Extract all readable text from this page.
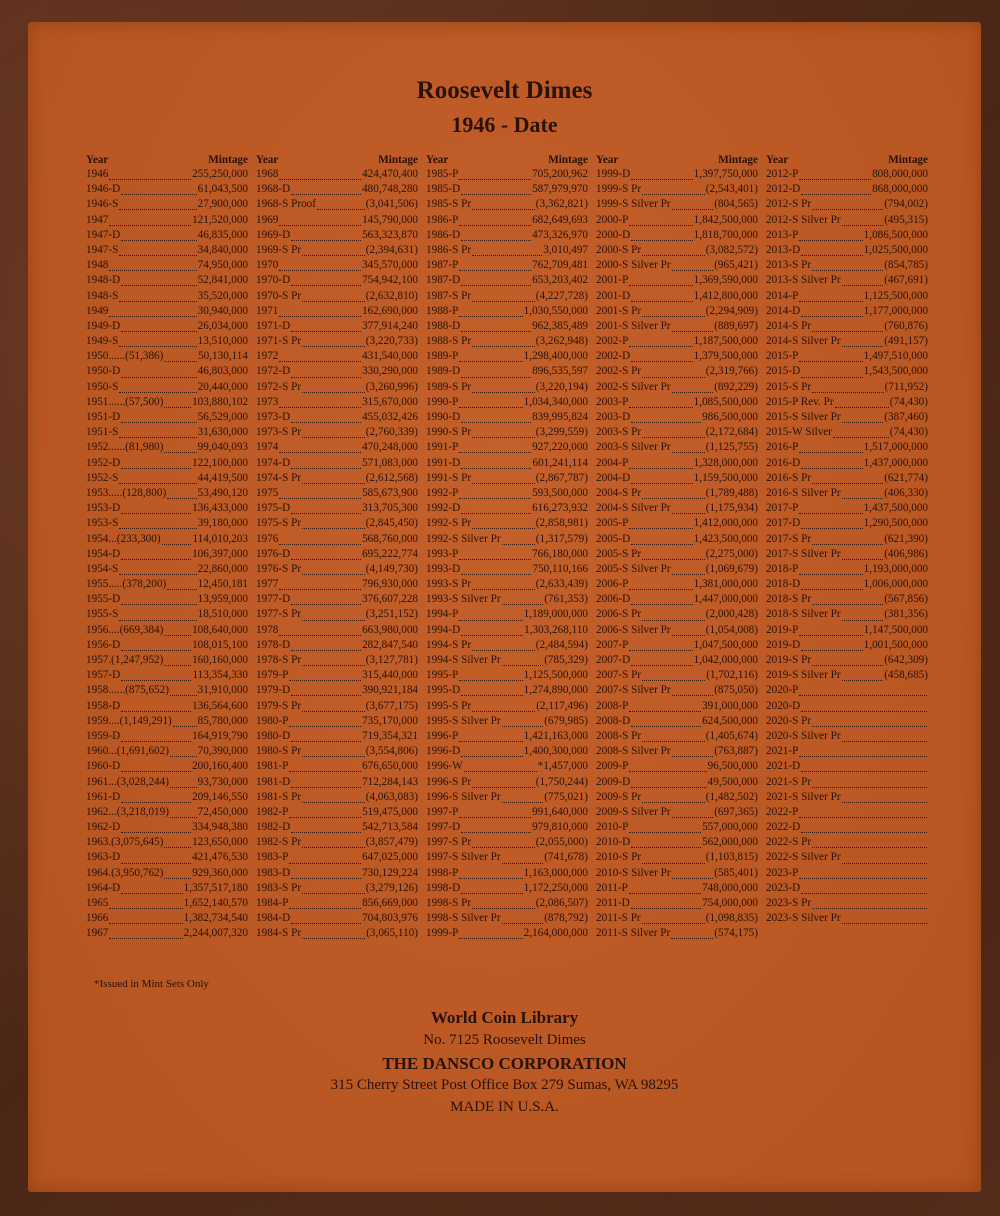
Roosevelt Dimes
1946 - Date
Year	Mintage
1946	255,250,000
1946-D	61,043,500
1946-S	27,900,000
1947	121,520,000
1947-D	46,835,000
1947-S	34,840,000
1948	74,950,000
1948-D	52,841,000
1948-S	35,520,000
1949	30,940,000
1949-D	26,034,000
1949-S	13,510,000
1950......(51,386)	50,130,114
1950-D	46,803,000
1950-S	20,440,000
1951......(57,500)	103,880,102
1951-D	56,529,000
1951-S	31,630,000
1952......(81,980)	99,040,093
1952-D	122,100,000
1952-S	44,419,500
1953.....(128,800)	53,490,120
1953-D	136,433,000
1953-S	39,180,000
1954...(233,300)	114,010,203
1954-D	106,397,000
1954-S	22,860,000
1955.....(378,200)	12,450,181
1955-D	13,959,000
1955-S	18,510,000
1956....(669,384)	108,640,000
1956-D	108,015,100
1957.(1,247,952)	160,160,000
1957-D	113,354,330
1958......(875,652)	31,910,000
1958-D	136,564,600
1959....(1,149,291) 85,780,000
1959-D	164,919,790
1960...(1,691,602)	70,390,000
1960-D	200,160,400
1961...(3,028,244)	93,730,000
1961-D	209,146,550
1962...(3,218,019)	72,450,000
1962-D	334,948,380
1963.(3,075,645)	123,650,000
1963-D	421,476,530
1964.(3,950,762)	929,360,000
1964-D	1,357,517,180
1965	1,652,140,570
1966	1,382,734,540
1967	2,244,007,320
Year	Mintage
1968	424,470,400
1968-D	480,748,280
1968-S Proof	(3,041,506)
1969	145,790,000
1969-D	563,323,870
1969-S Pr	(2,394,631)
1970	345,570,000
1970-D	754,942,100
1970-S Pr	(2,632,810)
1971	162,690,000
1971-D	377,914,240
1971-S Pr	(3,220,733)
1972	431,540,000
1972-D	330,290,000
1972-S Pr	(3,260,996)
1973	315,670,000
1973-D	455,032,426
1973-S Pr	(2,760,339)
1974	470,248,000
1974-D	571,083,000
1974-S Pr	(2,612,568)
1975	585,673,900
1975-D	313,705,300
1975-S Pr	(2,845,450)
1976	568,760,000
1976-D	695,222,774
1976-S Pr	(4,149,730)
1977	796,930,000
1977-D	376,607,228
1977-S Pr	(3,251,152)
1978	663,980,000
1978-D	282,847,540
1978-S Pr	(3,127,781)
1979-P	315,440,000
1979-D	390,921,184
1979-S Pr	(3,677,175)
1980-P	735,170,000
1980-D	719,354,321
1980-S Pr	(3,554,806)
1981-P	676,650,000
1981-D	712,284,143
1981-S Pr	(4,063,083)
1982-P	519,475,000
1982-D	542,713,584
1982-S Pr	(3,857,479)
1983-P	647,025,000
1983-D	730,129,224
1983-S Pr	(3,279,126)
1984-P	856,669,000
1984-D	704,803,976
1984-S Pr	(3,065,110)
Year	Mintage
1985-P	705,200,962
1985-D	587,979,970
1985-S Pr	(3,362,821)
1986-P	682,649,693
1986-D	473,326,970
1986-S Pr	3,010,497
1987-P	762,709,481
1987-D	653,203,402
1987-S Pr	(4,227,728)
1988-P	1,030,550,000
1988-D	962,385,489
1988-S Pr	(3,262,948)
1989-P	1,298,400,000
1989-D	896,535,597
1989-S Pr	(3,220,194)
1990-P	1,034,340,000
1990-D	839,995,824
1990-S Pr	(3,299,559)
1991-P	927,220,000
1991-D	601,241,114
1991-S Pr	(2,867,787)
1992-P	593,500,000
1992-D	616,273,932
1992-S Pr	(2,858,981)
1992-S Silver Pr	(1,317,579)
1993-P	766,180,000
1993-D	750,110,166
1993-S Pr	(2,633,439)
1993-S Silver Pr	(761,353)
1994-P	1,189,000,000
1994-D	1,303,268,110
1994-S Pr	(2,484,594)
1994-S Silver Pr	(785,329)
1995-P	1,125,500,000
1995-D	1,274,890,000
1995-S Pr	(2,117,496)
1995-S Silver Pr	(679,985)
1996-P	1,421,163,000
1996-D	1,400,300,000
1996-W	*1,457,000
1996-S Pr	(1,750,244)
1996-S Silver Pr	(775,021)
1997-P	991,640,000
1997-D	979,810,000
1997-S Pr	(2,055,000)
1997-S Silver Pr	(741,678)
1998-P	1,163,000,000
1998-D	1,172,250,000
1998-S Pr	(2,086,507)
1998-S Silver Pr	(878,792)
1999-P	2,164,000,000
Year	Mintage
1999-D	1,397,750,000
1999-S Pr	(2,543,401)
1999-S Silver Pr	(804,565)
2000-P	1,842,500,000
2000-D	1,818,700,000
2000-S Pr	(3,082,572)
2000-S Silver Pr	(965,421)
2001-P	1,369,590,000
2001-D	1,412,800,000
2001-S Pr	(2,294,909)
2001-S Silver Pr	(889,697)
2002-P	1,187,500,000
2002-D	1,379,500,000
2002-S Pr	(2,319,766)
2002-S Silver Pr	(892,229)
2003-P	1,085,500,000
2003-D	986,500,000
2003-S Pr	(2,172,684)
2003-S Silver Pr	(1,125,755)
2004-P	1,328,000,000
2004-D	1,159,500,000
2004-S Pr	(1,789,488)
2004-S Silver Pr	(1,175,934)
2005-P	1,412,000,000
2005-D	1,423,500,000
2005-S Pr	(2,275,000)
2005-S Silver Pr	(1,069,679)
2006-P	1,381,000,000
2006-D	1,447,000,000
2006-S Pr	(2,000,428)
2006-S Silver Pr	(1,054,008)
2007-P	1,047,500,000
2007-D	1,042,000,000
2007-S Pr	(1,702,116)
2007-S Silver Pr	(875,050)
2008-P	391,000,000
2008-D	624,500,000
2008-S Pr	(1,405,674)
2008-S Silver Pr	(763,887)
2009-P	96,500,000
2009-D	49,500,000
2009-S Pr	(1,482,502)
2009-S Silver Pr	(697,365)
2010-P	557,000,000
2010-D	562,000,000
2010-S Pr	(1,103,815)
2010-S Silver Pr	(585,401)
2011-P	748,000,000
2011-D	754,000,000
2011-S Pr	(1,098,835)
2011-S Silver Pr	(574,175)
Year	Mintage
2012-P	808,000,000
2012-D	868,000,000
2012-S Pr	(794,002)
2012-S Silver Pr	(495,315)
2013-P	1,086,500,000
2013-D	1,025,500,000
2013-S Pr	(854,785)
2013-S Silver Pr	(467,691)
2014-P	1,125,500,000
2014-D	1,177,000,000
2014-S Pr	(760,876)
2014-S Silver Pr	(491,157)
2015-P	1,497,510,000
2015-D	1,543,500,000
2015-S Pr	(711,952)
2015-P Rev. Pr	(74,430)
2015-S Silver Pr	(387,460)
2015-W Silver	(74,430)
2016-P	1,517,000,000
2016-D	1,437,000,000
2016-S Pr	(621,774)
2016-S Silver Pr	(406,330)
2017-P	1,437,500,000
2017-D	1,290,500,000
2017-S Pr	(621,390)
2017-S Silver Pr	(406,986)
2018-P	1,193,000,000
2018-D	1,006,000,000
2018-S Pr	(567,856)
2018-S Silver Pr	(381,356)
2019-P	1,147,500,000
2019-D	1,001,500,000
2019-S Pr	(642,309)
2019-S Silver Pr	(458,685)
2020-P
2020-D
2020-S Pr
2020-S Silver Pr
2021-P
2021-D
2021-S Pr
2021-S Silver Pr
2022-P
2022-D
2022-S Pr
2022-S Silver Pr
2023-P
2023-D
2023-S Pr
2023-S Silver Pr
*Issued in Mint Sets Only
World Coin Library
No. 7125 Roosevelt Dimes
THE DANSCO CORPORATION
315 Cherry Street Post Office Box 279 Sumas, WA 98295
MADE IN U.S.A.
